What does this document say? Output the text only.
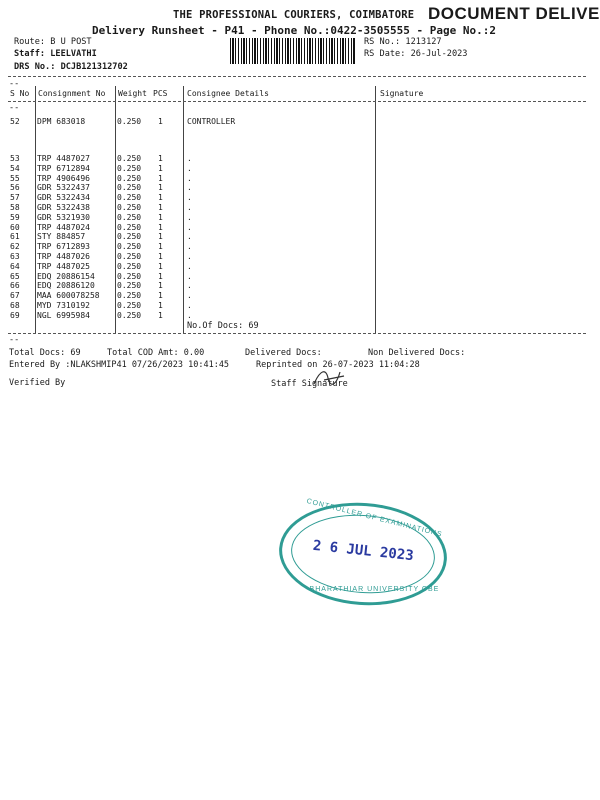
THE PROFESSIONAL COURIERS, COIMBATORE DOCUMENT DELIVE
Delivery Runsheet - P41 - Phone No.:0422-3505555 - Page No.:2
Route: B U POST
Staff: LEELVATHI
DRS No.: DCJB121312702
RS No.: 1213127
RS Date: 26-Jul-2023
--
S No Consignment No Weight PCS Consignee Details	Signature
--
52 DPM 683018	0.250 1	CONTROLLER
53 TRP 4487027	0.250 1	.
54 TRP 6712894	0.250 1	.
55 TRP 4906496	0.250 1	.
56 GDR 5322437	0.250 1	.
57 GDR 5322434	0.250 1	.
58 GDR 5322438	0.250 1	.
59 GDR 5321930	0.250 1	.
60 TRP 4487024	0.250 1	.
61 STY 884857	0.250 1	.
62 TRP 6712893	0.250 1	.
63 TRP 4487026	0.250 1	.
64 TRP 4487025	0.250 1	.
65 EDQ 20886154	0.250 1	.
66 EDQ 20886120	0.250 1	.
67 MAA 600078258 0.250 1	.
68 MYD 7310192	0.250 1	.
69 NGL 6995984	0.250 1	.
No.Of Docs: 69
--
Total Docs: 69	Total COD Amt: 0.00	Delivered Docs:	Non Delivered Docs:
Entered By :NLAKSHMIP41 07/26/2023 10:41:45	Reprinted on 26-07-2023 11:04:28
Verified By	Staff Signature
CONTROLLER OF EXAMINATIONS
2 6 JUL 2023
BHARATHIAR UNIVERSITY CBE
